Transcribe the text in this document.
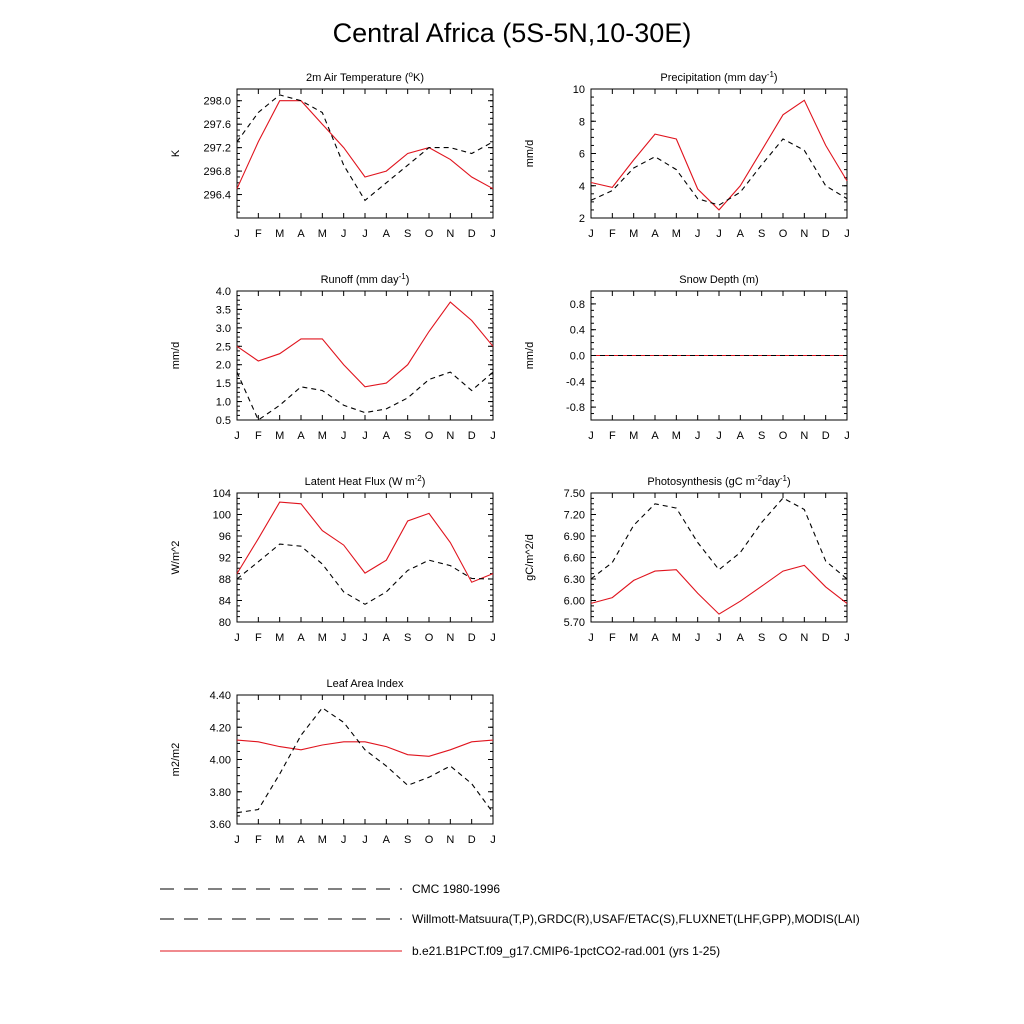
Central Africa (5S-5N,10-30E)
2m Air Temperature ($^o$K)
K
296.4
296.8
297.2
297.6
298.0
J F M A M J J A S O N D J
Precipitation (mm day$^{-1}$)
mm/d
2
4
6
8
10
J F M A M J J A S O N D J
Runoff (mm day$^{-1}$)
mm/d
0.5
1.0
1.5
2.0
2.5
3.0
3.5
4.0
J F M A M J J A S O N D J
Snow Depth (m)
mm/d
-0.8
-0.4
0.0
0.4
0.8
J F M A M J J A S O N D J
Latent Heat Flux (W $m^{-2}$)
W/m^2
80
84
88
92
96
100
104
J F M A M J J A S O N D J
Photosynthesis (gC $m^{-2}day^{-1}$)
gC/m^2/d
5.70
6.00
6.30
6.60
6.90
7.20
7.50
J F M A M J J A S O N D J
Leaf Area Index
m2/m2
3.60
3.80
4.00
4.20
4.40
J F M A M J J A S O N D J
CMC 1980-1996
Willmott-Matsuura(T,P),GRDC(R),USAF/ETAC(S),FLUXNET(LHF,GPP),MODIS(LAI)
b.e21.B1PCT.f09_g17.CMIP6-1pctCO2-rad.001 (yrs 1-25)
